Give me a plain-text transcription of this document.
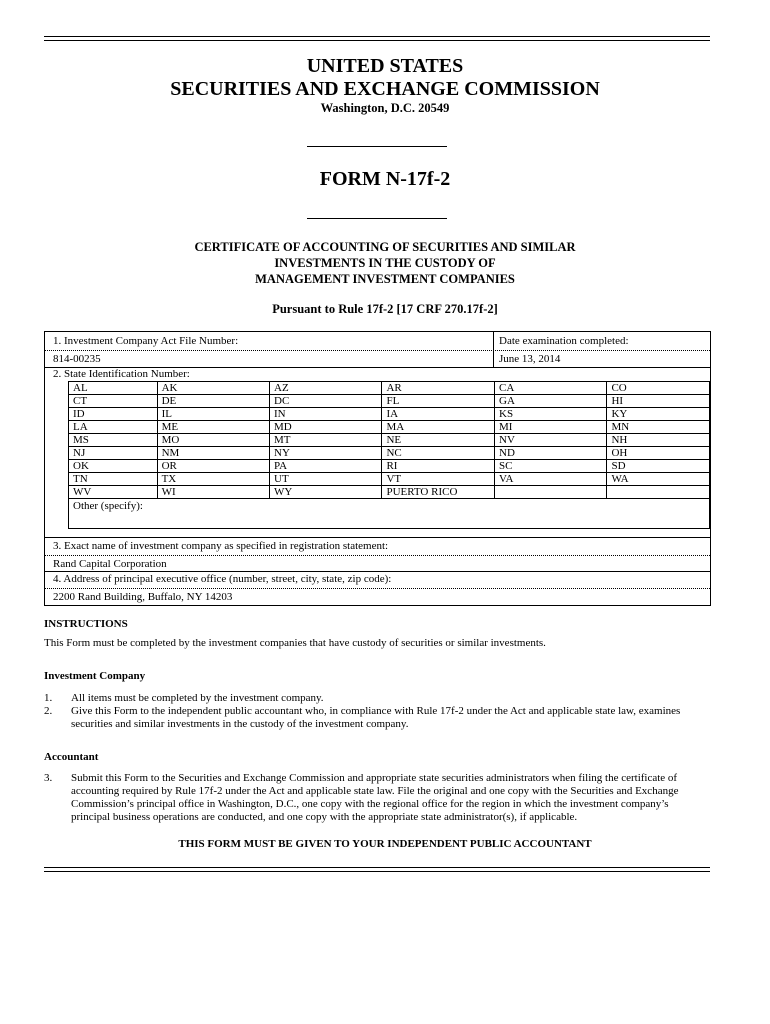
UNITED STATES
SECURITIES AND EXCHANGE COMMISSION
Washington, D.C. 20549
FORM N-17f-2
CERTIFICATE OF ACCOUNTING OF SECURITIES AND SIMILAR
INVESTMENTS IN THE CUSTODY OF
MANAGEMENT INVESTMENT COMPANIES
Pursuant to Rule 17f-2 [17 CRF 270.17f-2]
1. Investment Company Act File Number:	Date examination completed:
814-00235	June 13, 2014
2. State Identification Number:
AL	AK	AZ	AR	CA	CO
CT	DE	DC	FL	GA	HI
ID	IL	IN	IA	KS	KY
LA	ME	MD	MA	MI	MN
MS	MO	MT	NE	NV	NH
NJ	NM	NY	NC	ND	OH
OK	OR	PA	RI	SC	SD
TN	TX	UT	VT	VA	WA
WV	WI	WY	PUERTO RICO		
Other (specify):					
3. Exact name of investment company as specified in registration statement:
Rand Capital Corporation
4. Address of principal executive office (number, street, city, state, zip code):
2200 Rand Building, Buffalo, NY 14203
INSTRUCTIONS
This Form must be completed by the investment companies that have custody of securities or similar investments.
Investment Company
1. All items must be completed by the investment company.
2. Give this Form to the independent public accountant who, in compliance with Rule 17f-2 under the Act and applicable state law, examines securities and similar investments in the custody of the investment company.
Accountant
3. Submit this Form to the Securities and Exchange Commission and appropriate state securities administrators when filing the certificate of accounting required by Rule 17f-2 under the Act and applicable state law. File the original and one copy with the Securities and Exchange Commission’s principal office in Washington, D.C., one copy with the regional office for the region in which the investment company’s principal business operations are conducted, and one copy with the appropriate state administrator(s), if applicable.
THIS FORM MUST BE GIVEN TO YOUR INDEPENDENT PUBLIC ACCOUNTANT
